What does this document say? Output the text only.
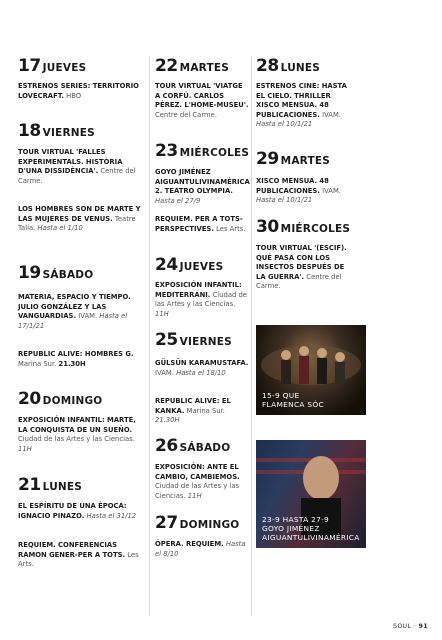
17 JUEVES
ESTRENOS SERIES: TERRITORIO LOVECRAFT. HBO
18 VIERNES
TOUR VIRTUAL 'FALLES EXPERIMENTALS. HISTÒRIA D'UNA DISSIDÈNCIA'. Centre del Carme.
LOS HOMBRES SON DE MARTE Y LAS MUJERES DE VENUS. Teatre Talía. Hasta el 1/10
19 SÁBADO
MATERIA, ESPACIO Y TIEMPO. JULIO GONZÁLEZ Y LAS VANGUARDIAS. IVAM. Hasta el 17/1/21
REPUBLIC ALIVE: HOMBRES G. Marina Sur. 21.30H
20 DOMINGO
EXPOSICIÓN INFANTIL: MARTE, LA CONQUISTA DE UN SUEÑO. Ciudad de las Artes y las Ciencias. 11H
21 LUNES
EL ESPÍRITU DE UNA ÉPOCA: IGNACIO PINAZO. Hasta el 31/12
REQUIEM. CONFERENCIAS RAMON GENER-PER A TOTS. Les Arts.
22 MARTES
TOUR VIRTUAL 'VIATGE A CORFÚ. CARLOS PÉREZ. L'HOME-MUSEU'. Centre del Carme.
23 MIÉRCOLES
GOYO JIMÉNEZ AIGUANTULIVINAMÉRICA 2. TEATRO OLYMPIA. Hasta el 27/9
REQUIEM. PER A TOTS-PERSPECTIVES. Les Arts.
24 JUEVES
EXPOSICIÓN INFANTIL: MEDITERRANI. Ciudad de las Artes y las Ciencias. 11H
25 VIERNES
GÜLSÜN KARAMUSTAFA. IVAM. Hasta el 18/10
REPUBLIC ALIVE: EL KANKA. Marina Sur. 21.30H
26 SÁBADO
EXPOSICIÓN: ANTE EL CAMBIO, CAMBIEMOS. Ciudad de las Artes y las Ciencias. 11H
27 DOMINGO
ÓPERA. REQUIEM. Hasta el 8/10
28 LUNES
ESTRENOS CINE: HASTA EL CIELO. THRILLER XISCO MENSUA. 48 PUBLICACIONES. IVAM. Hasta el 10/1/21
29 MARTES
XISCO MENSUA. 48 PUBLICACIONES. IVAM. Hasta el 10/1/21
30 MIÉRCOLES
TOUR VIRTUAL '(ESCIF). QUÉ PASA CON LOS INSECTOS DESPUÉS DE LA GUERRA'. Centre del Carme.
15-9 QUE
FLAMENCA SÓC
23-9 HASTA 27-9
GOYO JIMÉNEZ
AIGUANTULIVINAMÉRICA
SOUL · 91
